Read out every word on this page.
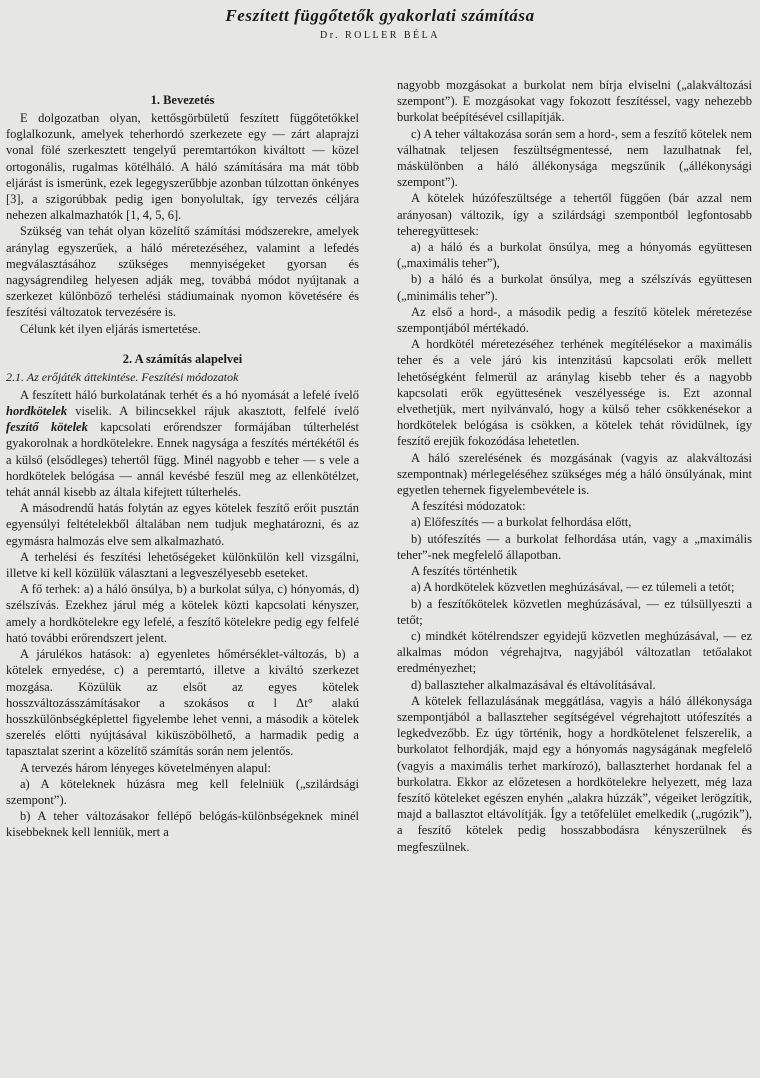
Feszített függőtetők gyakorlati számítása
Dr. ROLLER BÉLA
1. Bevezetés

E dolgozatban olyan, kettősgörbületű feszített függőtetőkkel foglalkozunk, amelyek teherhordó szerkezete egy — zárt alaprajzi vonal fölé szerkesztett tengelyű peremtartókon kiváltott — közel ortogonális, rugalmas kötélháló. A háló számítására ma mát több eljárást is ismerünk, ezek legegyszerűbbje azonban túlzottan önkényes [3], a szigorúbbak pedig igen bonyolultak, így tervezés céljára nehezen alkalmazhatók [1, 4, 5, 6].

Szükség van tehát olyan közelítő számítási módszerekre, amelyek aránylag egyszerűek, a háló méretezéséhez, valamint a lefedés megválasztásához szükséges mennyiségeket gyorsan és nagyságrendileg helyesen adják meg, továbbá módot nyújtanak a szerkezet különböző terhelési stádiumainak nyomon követésére és feszítési változatok tervezésére is.

Célunk két ilyen eljárás ismertetése.

2. A számítás alapelvei
2.1. Az erőjáték áttekintése. Feszítési módozatok

A feszített háló burkolatának terhét és a hó nyomását a lefelé ívelő hordkötelek viselik. A bilincsekkel rájuk akasztott, felfelé ívelő feszítő kötelek kapcsolati erőrendszer formájában túlterhelést gyakorolnak a hordkötelekre. Ennek nagysága a feszítés mértékétől és a külső (elsődleges) tehertől függ. Minél nagyobb e teher — s vele a hordkötelek belógása — annál kevésbé feszül meg az ellenkötélzet, tehát annál kisebb az általa kifejtett túlterhelés.

A másodrendű hatás folytán az egyes kötelek feszítő erőit pusztán egyensúlyi feltételekből általában nem tudjuk meghatározni, és az egymásra halmozás elve sem alkalmazható.

A terhelési és feszítési lehetőségeket különkülön kell vizsgálni, illetve ki kell közülük választani a legveszélyesebb eseteket.

A fő terhek: a) a háló önsúlya, b) a burkolat súlya, c) hónyomás, d) szélszívás. Ezekhez járul még a kötelek közti kapcsolati kényszer, amely a hordkötelekre egy lefelé, a feszítő kötelekre pedig egy felfelé ható további erőrendszert jelent.

A járulékos hatások: a) egyenletes hőmérséklet-változás, b) a kötelek ernyedése, c) a peremtartó, illetve a kiváltó szerkezet mozgása. Közülük az elsőt az egyes kötelek hosszváltozásszámításakor a szokásos α l Δt° alakú hosszkülönbségképlettel figyelembe lehet venni, a második a kötelek szerelés előtti nyújtásával kiküszöbölhető, a harmadik pedig a tapasztalat szerint a közelítő számítás során nem jelentős.

A tervezés három lényeges követelményen alapul:

a) A köteleknek húzásra meg kell felelniük („szilárdsági szempont”).

b) A teher változásakor fellépő belógás-különbségeknek minél kisebbeknek kell lenniük, mert a

nagyobb mozgásokat a burkolat nem bírja elviselni („alakváltozási szempont”). E mozgásokat vagy fokozott feszítéssel, vagy nehezebb burkolat beépítésével csillapítják.

c) A teher váltakozása során sem a hord-, sem a feszítő kötelek nem válhatnak teljesen feszültségmentessé, nem lazulhatnak fel, máskülönben a háló állékonysága megszűnik („állékonysági szempont”).

A kötelek húzófeszültsége a tehertől függően (bár azzal nem arányosan) változik, így a szilárdsági szempontból legfontosabb teheregyüttesek:

a) a háló és a burkolat önsúlya, meg a hónyomás együttesen („maximális teher”),

b) a háló és a burkolat önsúlya, meg a szélszívás együttesen („minimális teher”).

Az első a hord-, a második pedig a feszítő kötelek méretezése szempontjából mértékadó.

A hordkötél méretezéséhez terhének megítélésekor a maximális teher és a vele járó kis intenzitású kapcsolati erők mellett lehetőségként felmerül az aránylag kisebb teher és a nagyobb kapcsolati erők együttesének veszélyessége is. Ezt azonnal elvethetjük, mert nyilvánvaló, hogy a külső teher csökkenésekor a hordkötelek belógása is csökken, a kötelek tehát rövidülnek, így feszítő erejük fokozódása lehetetlen.

A háló szerelésének és mozgásának (vagyis az alakváltozási szempontnak) mérlegeléséhez szükséges még a háló önsúlyának, mint egyetlen tehernek figyelembevétele is.

A feszítési módozatok:

a) Előfeszítés — a burkolat felhordása előtt,

b) utófeszítés — a burkolat felhordása után, vagy a „maximális teher”-nek megfelelő állapotban.

A feszítés történhetik

a) A hordkötelek közvetlen meghúzásával, — ez túlemeli a tetőt;

b) a feszítőkötelek közvetlen meghúzásával, — ez túlsüllyeszti a tetőt;

c) mindkét kötélrendszer egyidejű közvetlen meghúzásával, — ez alkalmas módon végrehajtva, nagyjából változatlan tetőalakot eredményezhet;

d) ballaszteher alkalmazásával és eltávolításával.

A kötelek fellazulásának meggátlása, vagyis a háló állékonysága szempontjából a ballaszteher segítségével végrehajtott utófeszítés a legkedvezőbb. Ez úgy történik, hogy a hordkötelenet felszerelik, a burkolatot felhordják, majd egy a hónyomás nagyságának megfelelő (vagyis a maximális terhet markírozó), ballaszterhet hordanak fel a burkolatra. Ekkor az előzetesen a hordkötelekre helyezett, még laza feszítő köteleket egészen enyhén „alakra húzzák”, végeiket lerögzítik, majd a ballasztot eltávolítják. Így a tetőfelület emelkedik („rugózik”), a feszítő kötelek pedig hosszabbodásra kényszerülnek és megfeszülnek.
